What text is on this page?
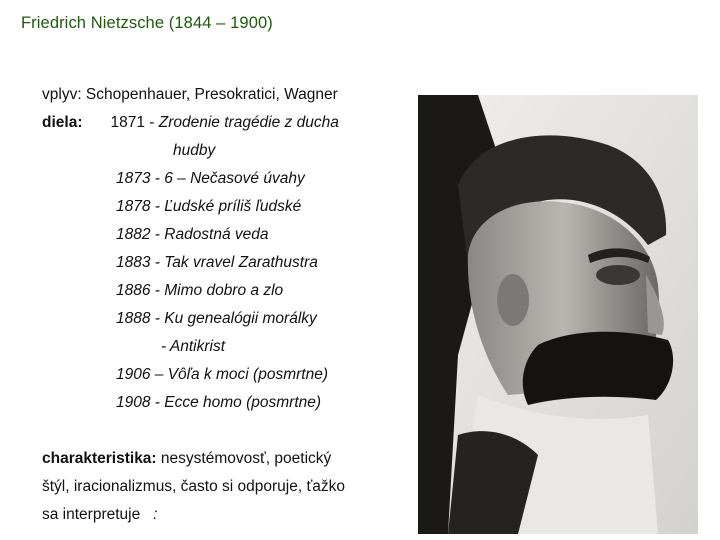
Friedrich Nietzsche (1844 – 1900)
vplyv: Schopenhauer, Presokratici, Wagner
diela: 1871 - Zrodenie tragédie z ducha
hudby
1873 - 6 – Nečasové úvahy
1878 - Ľudské príliš ľudské
1882 - Radostná veda
1883 - Tak vravel Zarathustra
1886 - Mimo dobro a zlo
1888 - Ku genealógii morálky
- Antikrist
1906 – Vôľa k moci (posmrtne)
1908 - Ecce homo (posmrtne)
charakteristika: nesystémovosť, poetický
štýl, iracionalizmus, často si odporuje, ťažko
sa interpretuje :
